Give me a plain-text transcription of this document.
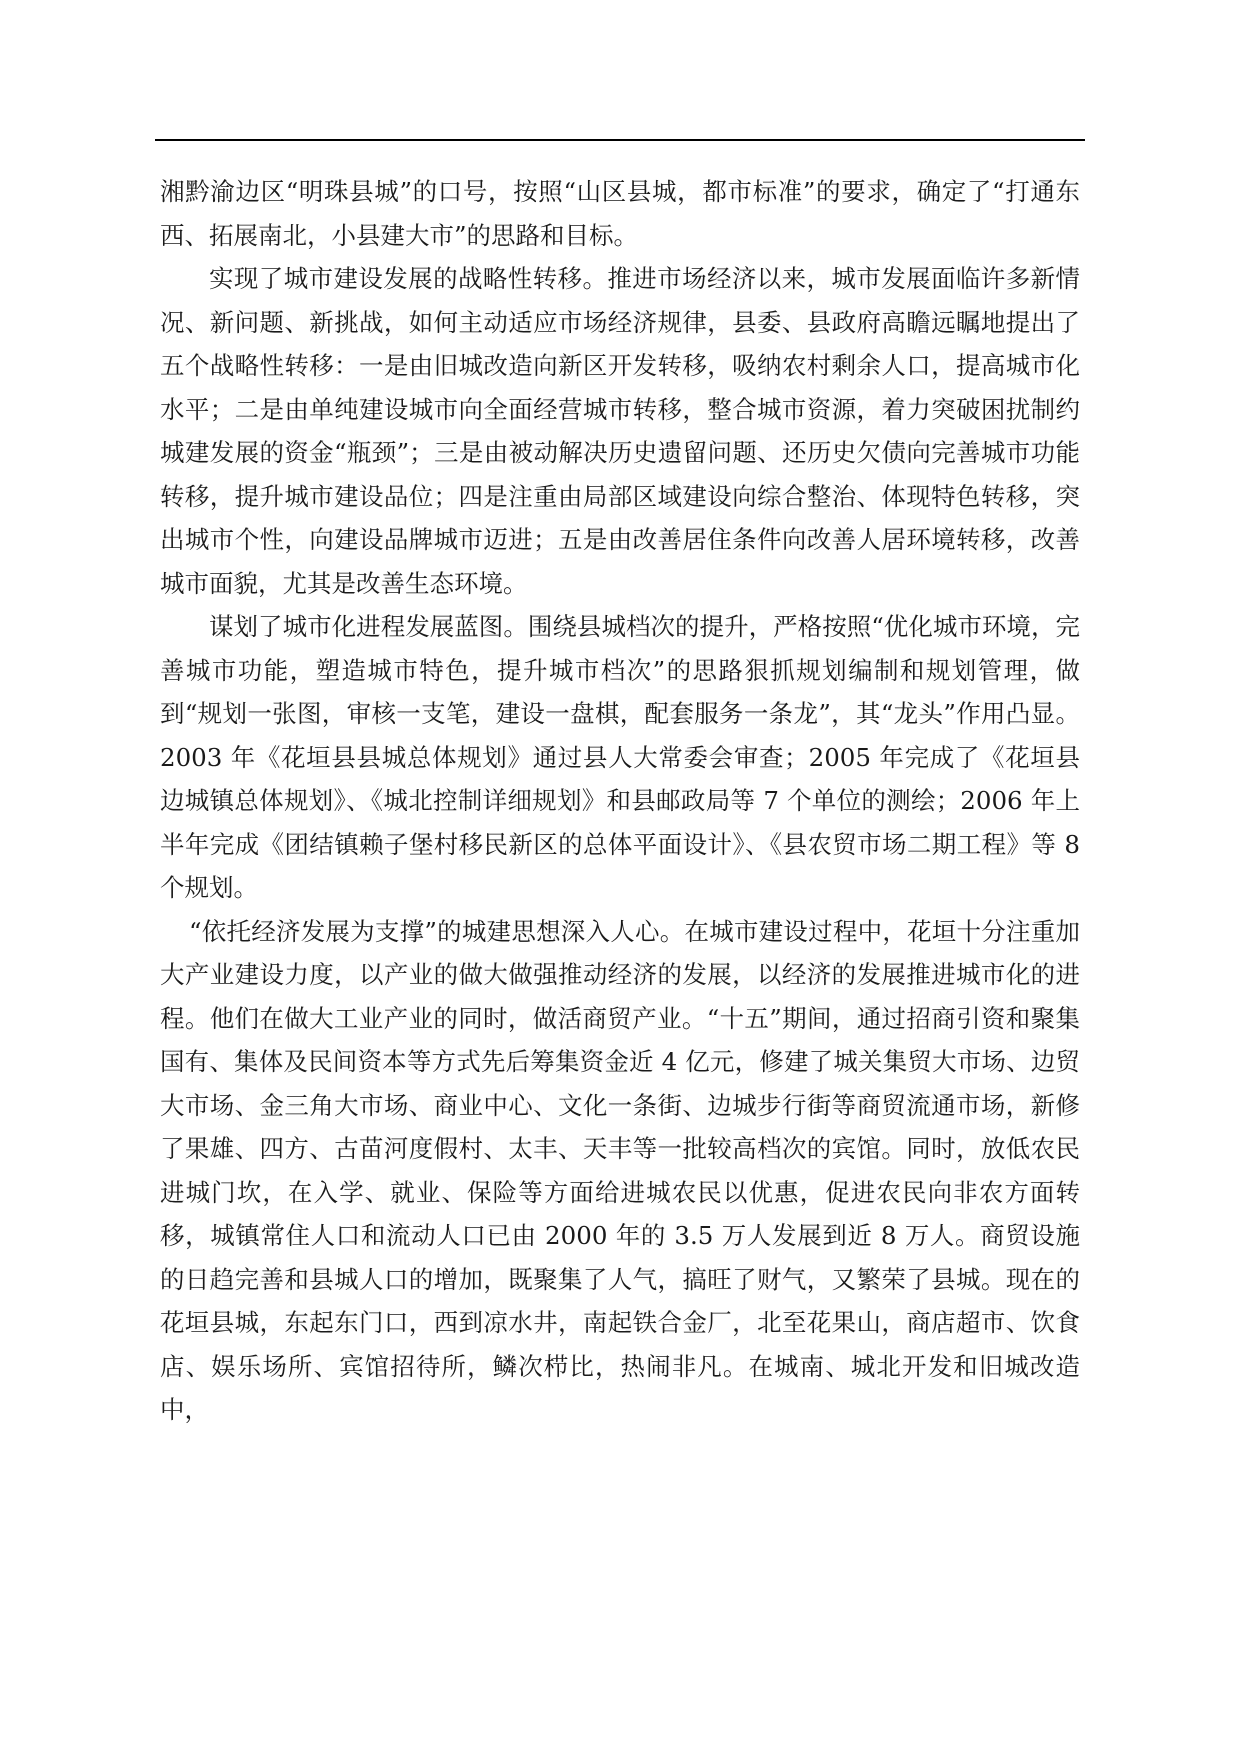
湘黔渝边区“明珠县城”的口号，按照“山区县城，都市标准”的要求，确定了“打通东西、拓展南北，小县建大市”的思路和目标。

实现了城市建设发展的战略性转移。推进市场经济以来，城市发展面临许多新情况、新问题、新挑战，如何主动适应市场经济规律，县委、县政府高瞻远瞩地提出了五个战略性转移：一是由旧城改造向新区开发转移，吸纳农村剩余人口，提高城市化水平；二是由单纯建设城市向全面经营城市转移，整合城市资源，着力突破困扰制约城建发展的资金“瓶颈”；三是由被动解决历史遗留问题、还历史欠债向完善城市功能转移，提升城市建设品位；四是注重由局部区域建设向综合整治、体现特色转移，突出城市个性，向建设品牌城市迈进；五是由改善居住条件向改善人居环境转移，改善城市面貌，尤其是改善生态环境。

谋划了城市化进程发展蓝图。围绕县城档次的提升，严格按照“优化城市环境，完善城市功能，塑造城市特色，提升城市档次”的思路狠抓规划编制和规划管理，做到“规划一张图，审核一支笔，建设一盘棋，配套服务一条龙”，其“龙头”作用凸显。2003 年《花垣县县城总体规划》通过县人大常委会审查；2005 年完成了《花垣县边城镇总体规划》、《城北控制详细规划》和县邮政局等 7 个单位的测绘；2006 年上半年完成《团结镇赖子堡村移民新区的总体平面设计》、《县农贸市场二期工程》等 8 个规划。

“依托经济发展为支撑”的城建思想深入人心。在城市建设过程中，花垣十分注重加大产业建设力度，以产业的做大做强推动经济的发展，以经济的发展推进城市化的进程。他们在做大工业产业的同时，做活商贸产业。“十五”期间，通过招商引资和聚集国有、集体及民间资本等方式先后筹集资金近 4 亿元，修建了城关集贸大市场、边贸大市场、金三角大市场、商业中心、文化一条街、边城步行街等商贸流通市场，新修了果雄、四方、古苗河度假村、太丰、天丰等一批较高档次的宾馆。同时，放低农民进城门坎，在入学、就业、保险等方面给进城农民以优惠，促进农民向非农方面转移，城镇常住人口和流动人口已由 2000 年的 3.5 万人发展到近 8 万人。商贸设施的日趋完善和县城人口的增加，既聚集了人气，搞旺了财气，又繁荣了县城。现在的花垣县城，东起东门口，西到凉水井，南起铁合金厂，北至花果山，商店超市、饮食店、娱乐场所、宾馆招待所，鳞次栉比，热闹非凡。在城南、城北开发和旧城改造中，
